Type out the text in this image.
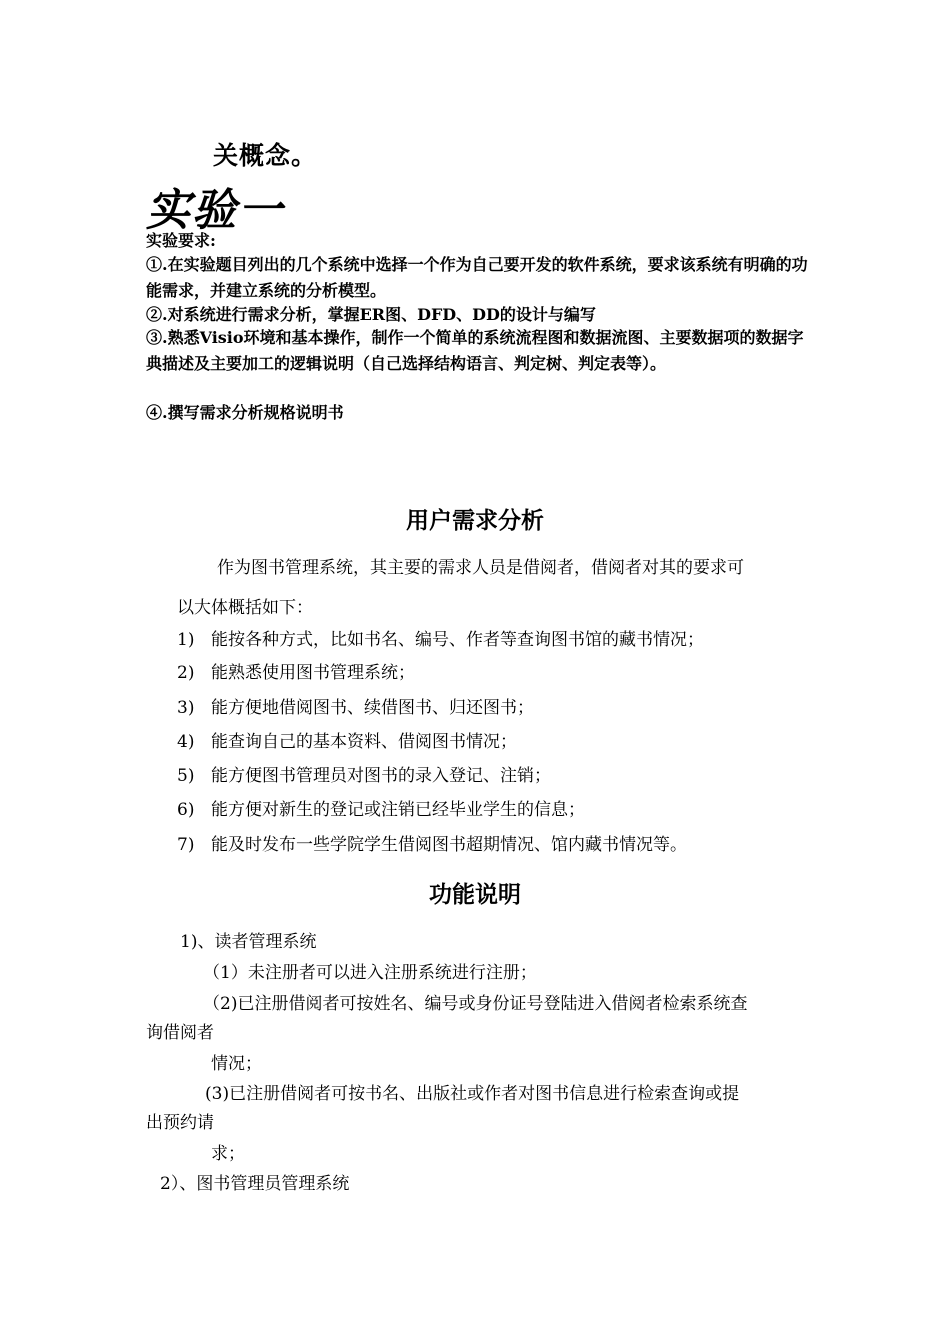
关概念。
实验一
实验要求:
①.在实验题目列出的几个系统中选择一个作为自己要开发的软件系统，要求该系统有明确的功能需求，并建立系统的分析模型。
②.对系统进行需求分析，掌握ER图、DFD、DD的设计与编写
③.熟悉Visio环境和基本操作，制作一个简单的系统流程图和数据流图、主要数据项的数据字典描述及主要加工的逻辑说明（自己选择结构语言、判定树、判定表等）。
④.撰写需求分析规格说明书
用户需求分析
作为图书管理系统，其主要的需求人员是借阅者，借阅者对其的要求可
以大体概括如下：
1) 能按各种方式，比如书名、编号、作者等查询图书馆的藏书情况；
2) 能熟悉使用图书管理系统；
3) 能方便地借阅图书、续借图书、归还图书；
4) 能查询自己的基本资料、借阅图书情况；
5) 能方便图书管理员对图书的录入登记、注销；
6) 能方便对新生的登记或注销已经毕业学生的信息；
7) 能及时发布一些学院学生借阅图书超期情况、馆内藏书情况等。
功能说明
1)、读者管理系统
（1）未注册者可以进入注册系统进行注册；
（2)已注册借阅者可按姓名、编号或身份证号登陆进入借阅者检索系统查
询借阅者
情况；
(3)已注册借阅者可按书名、出版社或作者对图书信息进行检索查询或提
出预约请
求；
2）、图书管理员管理系统
